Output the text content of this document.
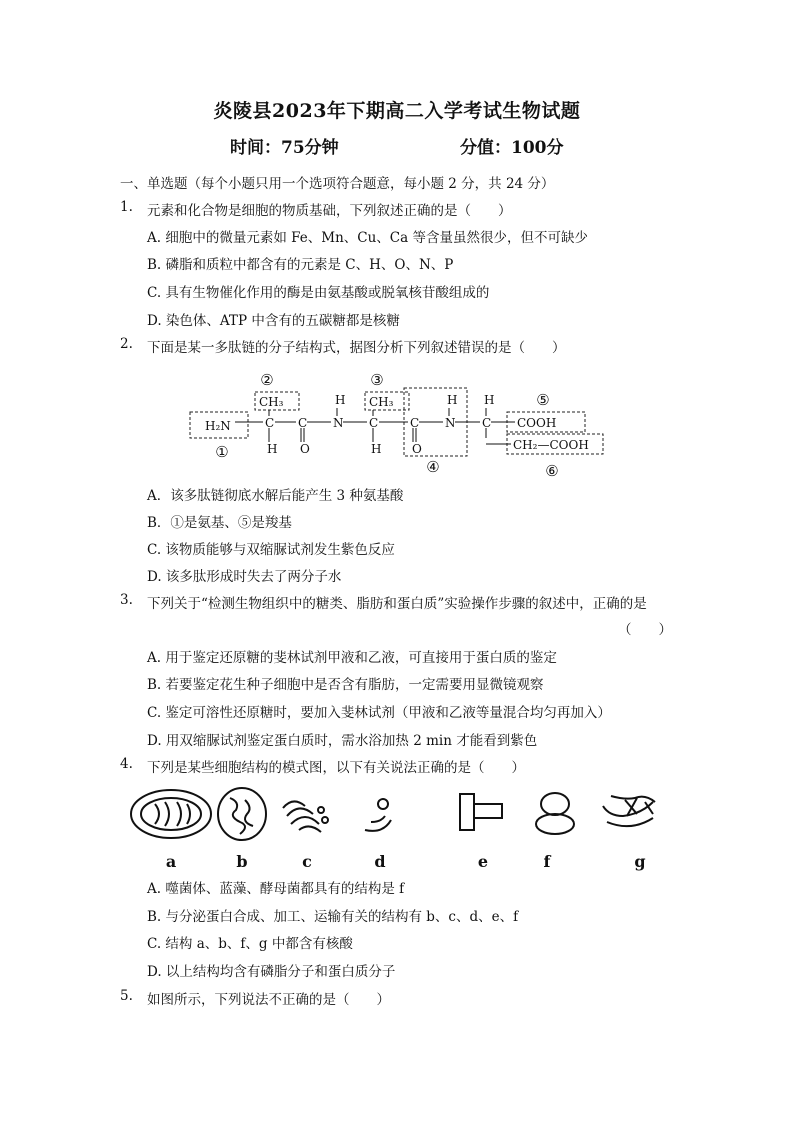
炎陵县2023年下期高二入学考试生物试题
时间：75分钟	分值：100分
一、单选题（每个小题只用一个选项符合题意，每小题 2 分，共 24 分）
1. 元素和化合物是细胞的物质基础，下列叙述正确的是（　　）
A. 细胞中的微量元素如 Fe、Mn、Cu、Ca 等含量虽然很少，但不可缺少
B. 磷脂和质粒中都含有的元素是 C、H、O、N、P
C. 具有生物催化作用的酶是由氨基酸或脱氧核苷酸组成的
D. 染色体、ATP 中含有的五碳糖都是核糖
2. 下面是某一多肽链的分子结构式，据图分析下列叙述错误的是（　　）
②	③
⑤
①
④	⑥
H₂N
CH₃	CH₃
COOH
CH₂—COOH
C C N C	C N C
H	H H
H O	H	O
A．该多肽链彻底水解后能产生 3 种氨基酸
B．①是氨基、⑤是羧基
C. 该物质能够与双缩脲试剂发生紫色反应
D. 该多肽形成时失去了两分子水
3. 下列关于“检测生物组织中的糖类、脂肪和蛋白质”实验操作步骤的叙述中，正确的是
（　　）
A. 用于鉴定还原糖的斐林试剂甲液和乙液，可直接用于蛋白质的鉴定
B. 若要鉴定花生种子细胞中是否含有脂肪，一定需要用显微镜观察
C. 鉴定可溶性还原糖时，要加入斐林试剂（甲液和乙液等量混合均匀再加入）
D. 用双缩脲试剂鉴定蛋白质时，需水浴加热 2 min 才能看到紫色
4. 下列是某些细胞结构的模式图，以下有关说法正确的是（　　）
a	b	c	d	e	f	g
A. 噬菌体、蓝藻、酵母菌都具有的结构是 f
B. 与分泌蛋白合成、加工、运输有关的结构有 b、c、d、e、f
C. 结构 a、b、f、g 中都含有核酸
D. 以上结构均含有磷脂分子和蛋白质分子
5. 如图所示，下列说法不正确的是（　　）
